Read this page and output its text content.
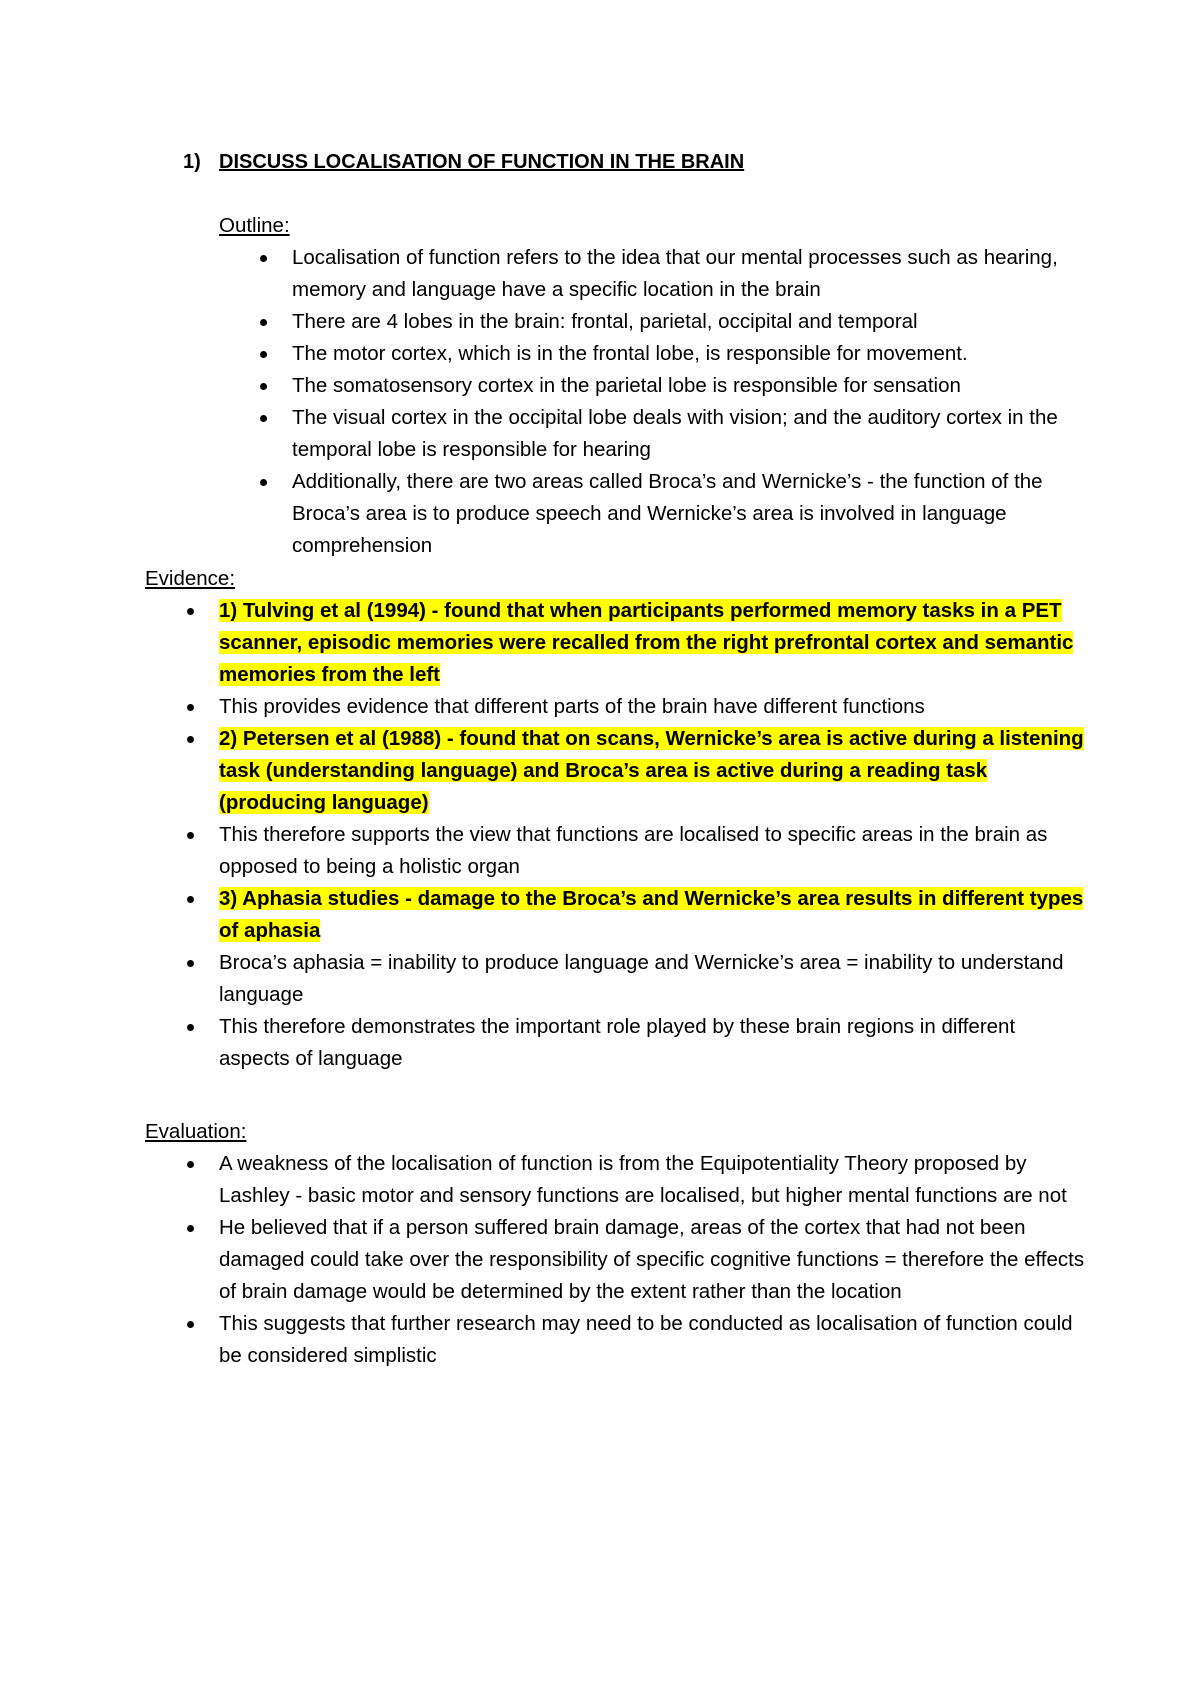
1) DISCUSS LOCALISATION OF FUNCTION IN THE BRAIN
Outline:
Localisation of function refers to the idea that our mental processes such as hearing, memory and language have a specific location in the brain
There are 4 lobes in the brain: frontal, parietal, occipital and temporal
The motor cortex, which is in the frontal lobe, is responsible for movement.
The somatosensory cortex in the parietal lobe is responsible for sensation
The visual cortex in the occipital lobe deals with vision; and the auditory cortex in the temporal lobe is responsible for hearing
Additionally, there are two areas called Broca’s and Wernicke’s - the function of the Broca’s area is to produce speech and Wernicke’s area is involved in language comprehension
Evidence:
1) Tulving et al (1994) - found that when participants performed memory tasks in a PET scanner, episodic memories were recalled from the right prefrontal cortex and semantic memories from the left
This provides evidence that different parts of the brain have different functions
2) Petersen et al (1988) - found that on scans, Wernicke’s area is active during a listening task (understanding language) and Broca’s area is active during a reading task (producing language)
This therefore supports the view that functions are localised to specific areas in the brain as opposed to being a holistic organ
3) Aphasia studies - damage to the Broca’s and Wernicke’s area results in different types of aphasia
Broca’s aphasia = inability to produce language and Wernicke’s area = inability to understand language
This therefore demonstrates the important role played by these brain regions in different aspects of language
Evaluation:
A weakness of the localisation of function is from the Equipotentiality Theory proposed by Lashley - basic motor and sensory functions are localised, but higher mental functions are not
He believed that if a person suffered brain damage, areas of the cortex that had not been damaged could take over the responsibility of specific cognitive functions = therefore the effects of brain damage would be determined by the extent rather than the location
This suggests that further research may need to be conducted as localisation of function could be considered simplistic
